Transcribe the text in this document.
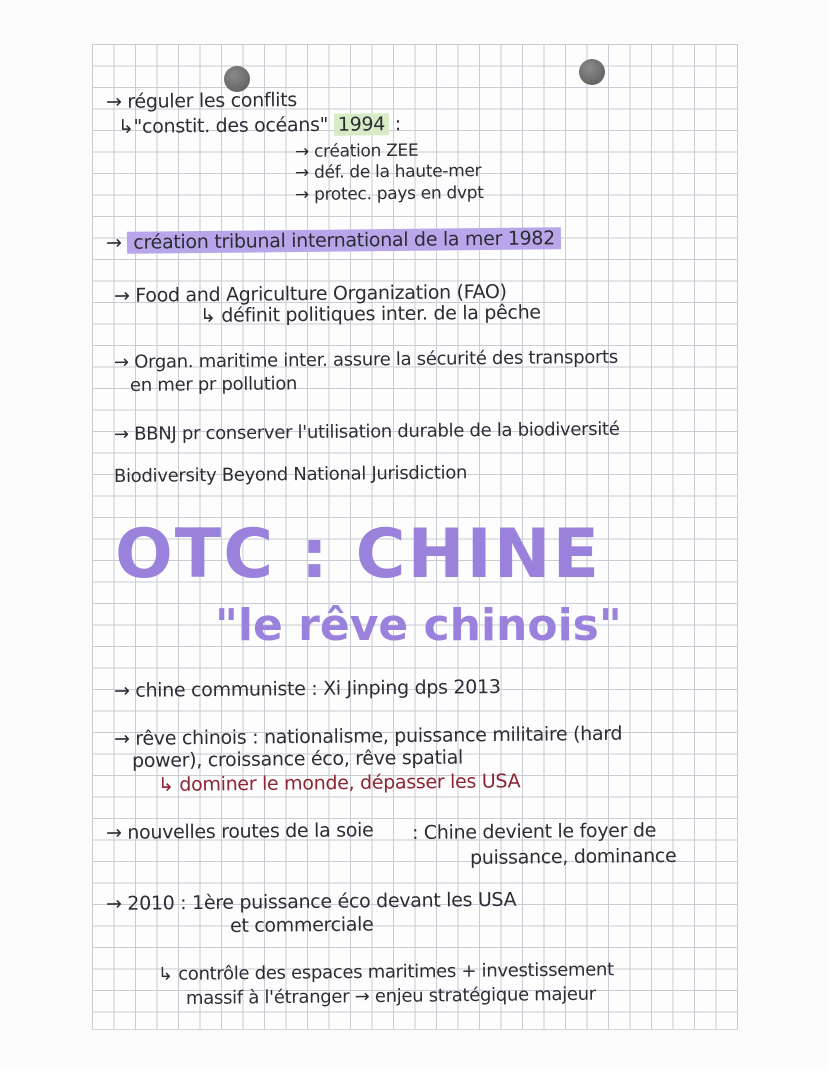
→ réguler les conflits
↳"constit. des océans" 1994 :
→ création ZEE
→ déf. de la haute-mer
→ protec. pays en dvpt
→ création tribunal international de la mer 1982
→ Food and Agriculture Organization (FAO)
↳ définit politiques inter. de la pêche
→ Organ. maritime inter. assure la sécurité des transports
en mer pr pollution
→ BBNJ pr conserver l'utilisation durable de la biodiversité
Biodiversity Beyond National Jurisdiction
OTC : CHINE
"le rêve chinois"
→ chine communiste : Xi Jinping dps 2013
→ rêve chinois : nationalisme, puissance militaire (hard
power), croissance éco, rêve spatial
↳ dominer le monde, dépasser les USA
→ nouvelles routes de la soie : Chine devient le foyer de
puissance, dominance
→ 2010 : 1ère puissance éco devant les USA
et commerciale
↳ contrôle des espaces maritimes + investissement
massif à l'étranger → enjeu stratégique majeur
